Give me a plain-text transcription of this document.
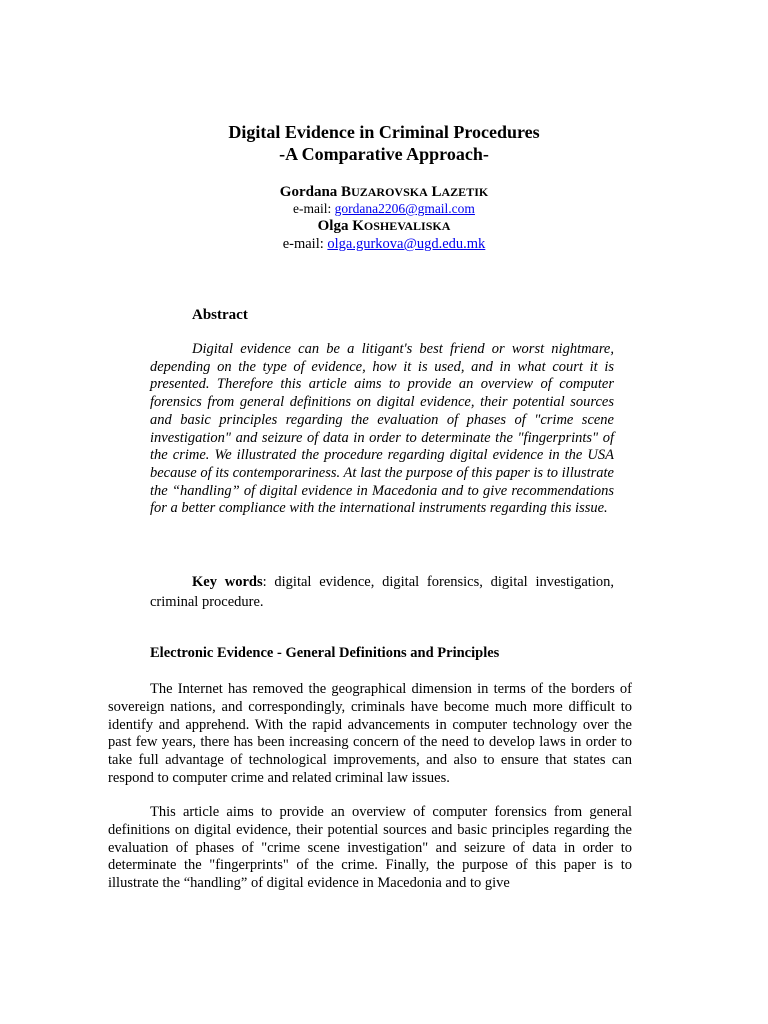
Digital Evidence in Criminal Procedures
-A Comparative Approach-
Gordana BUZAROVSKA LAZETIK
e-mail: gordana2206@gmail.com
Olga KOSHEVALISKA
e-mail: olga.gurkova@ugd.edu.mk
Abstract

Digital evidence can be a litigant's best friend or worst nightmare, depending on the type of evidence, how it is used, and in what court it is presented. Therefore this article aims to provide an overview of computer forensics from general definitions on digital evidence, their potential sources and basic principles regarding the evaluation of phases of "crime scene investigation" and seizure of data in order to determinate the "fingerprints" of the crime. We illustrated the procedure regarding digital evidence in the USA because of its contemporariness. At last the purpose of this paper is to illustrate the “handling” of digital evidence in Macedonia and to give recommendations for a better compliance with the international instruments regarding this issue.

Key words: digital evidence, digital forensics, digital investigation, criminal procedure.

Electronic Evidence - General Definitions and Principles

The Internet has removed the geographical dimension in terms of the borders of sovereign nations, and correspondingly, criminals have become much more difficult to identify and apprehend. With the rapid advancements in computer technology over the past few years, there has been increasing concern of the need to develop laws in order to take full advantage of technological improvements, and also to ensure that states can respond to computer crime and related criminal law issues.

This article aims to provide an overview of computer forensics from general definitions on digital evidence, their potential sources and basic principles regarding the evaluation of phases of "crime scene investigation" and seizure of data in order to determinate the "fingerprints" of the crime. Finally, the purpose of this paper is to illustrate the “handling” of digital evidence in Macedonia and to give
